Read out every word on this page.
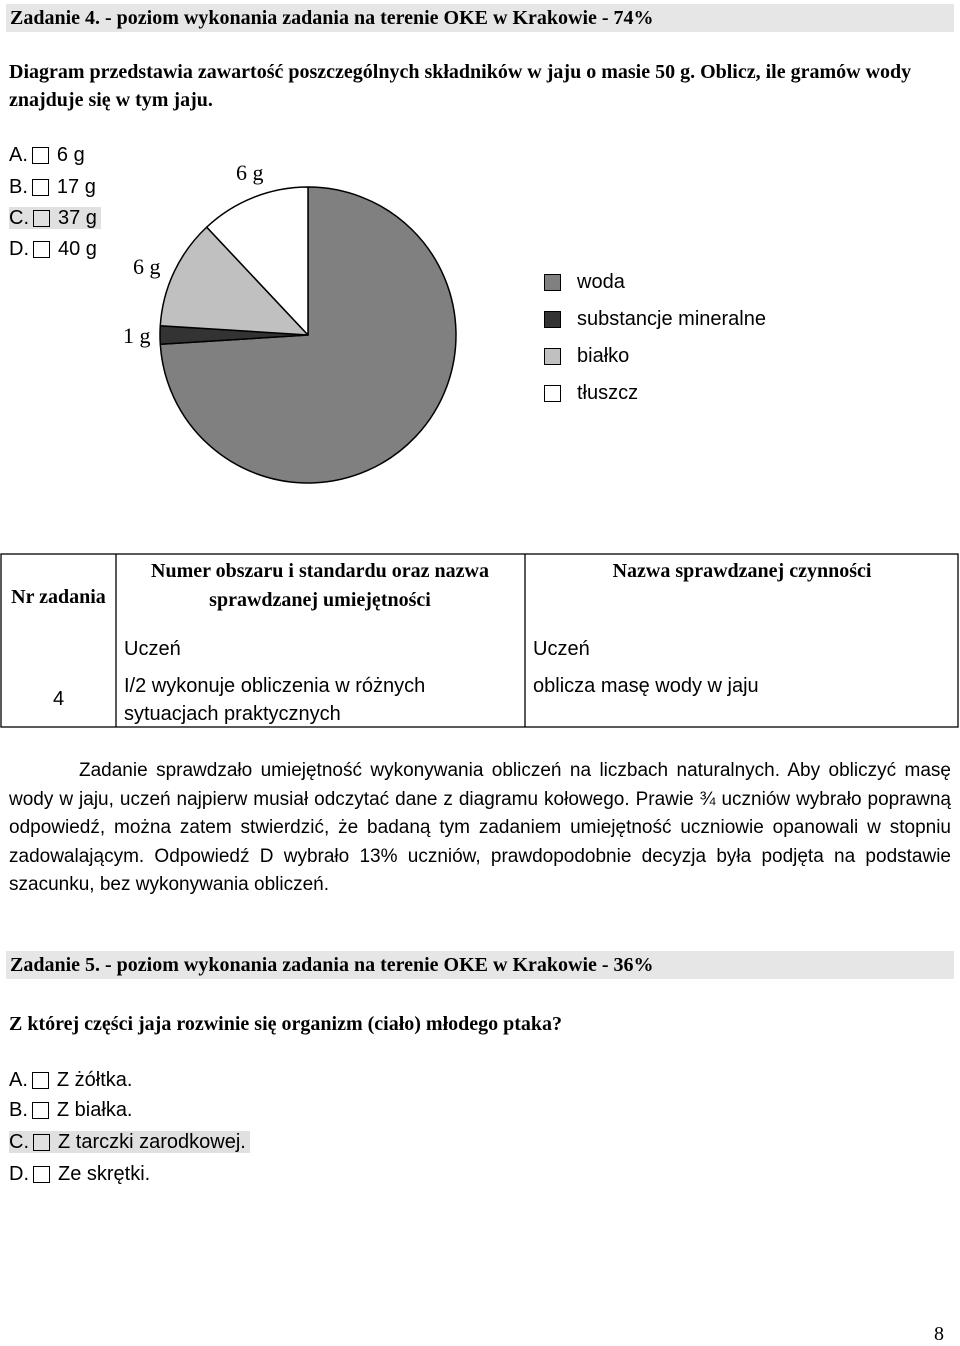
Zadanie 4. - poziom wykonania zadania na terenie OKE w Krakowie - 74%
Diagram przedstawia zawartość poszczególnych składników w jaju o masie 50 g. Oblicz, ile gramów wody znajduje się w tym jaju.
A. 6 g
B. 17 g
C. 37 g
D. 40 g
6 g
6 g
1 g
woda
substancje mineralne
białko
tłuszcz
Nr zadania
Numer obszaru i standardu oraz nazwa sprawdzanej umiejętności
Nazwa sprawdzanej czynności
Uczeń	Uczeń
4
I/2 wykonuje obliczenia w różnych sytuacjach praktycznych
oblicza masę wody w jaju
Zadanie sprawdzało umiejętność wykonywania obliczeń na liczbach naturalnych. Aby obliczyć masę wody w jaju, uczeń najpierw musiał odczytać dane z diagramu kołowego. Prawie ¾ uczniów wybrało poprawną odpowiedź, można zatem stwierdzić, że badaną tym zadaniem umiejętność uczniowie opanowali w stopniu zadowalającym. Odpowiedź D wybrało 13% uczniów, prawdopodobnie decyzja była podjęta na podstawie szacunku, bez wykonywania obliczeń.
Zadanie 5. - poziom wykonania zadania na terenie OKE w Krakowie - 36%
Z której części jaja rozwinie się organizm (ciało) młodego ptaka?
A. Z żółtka.
B. Z białka.
C. Z tarczki zarodkowej.
D. Ze skrętki.
8
